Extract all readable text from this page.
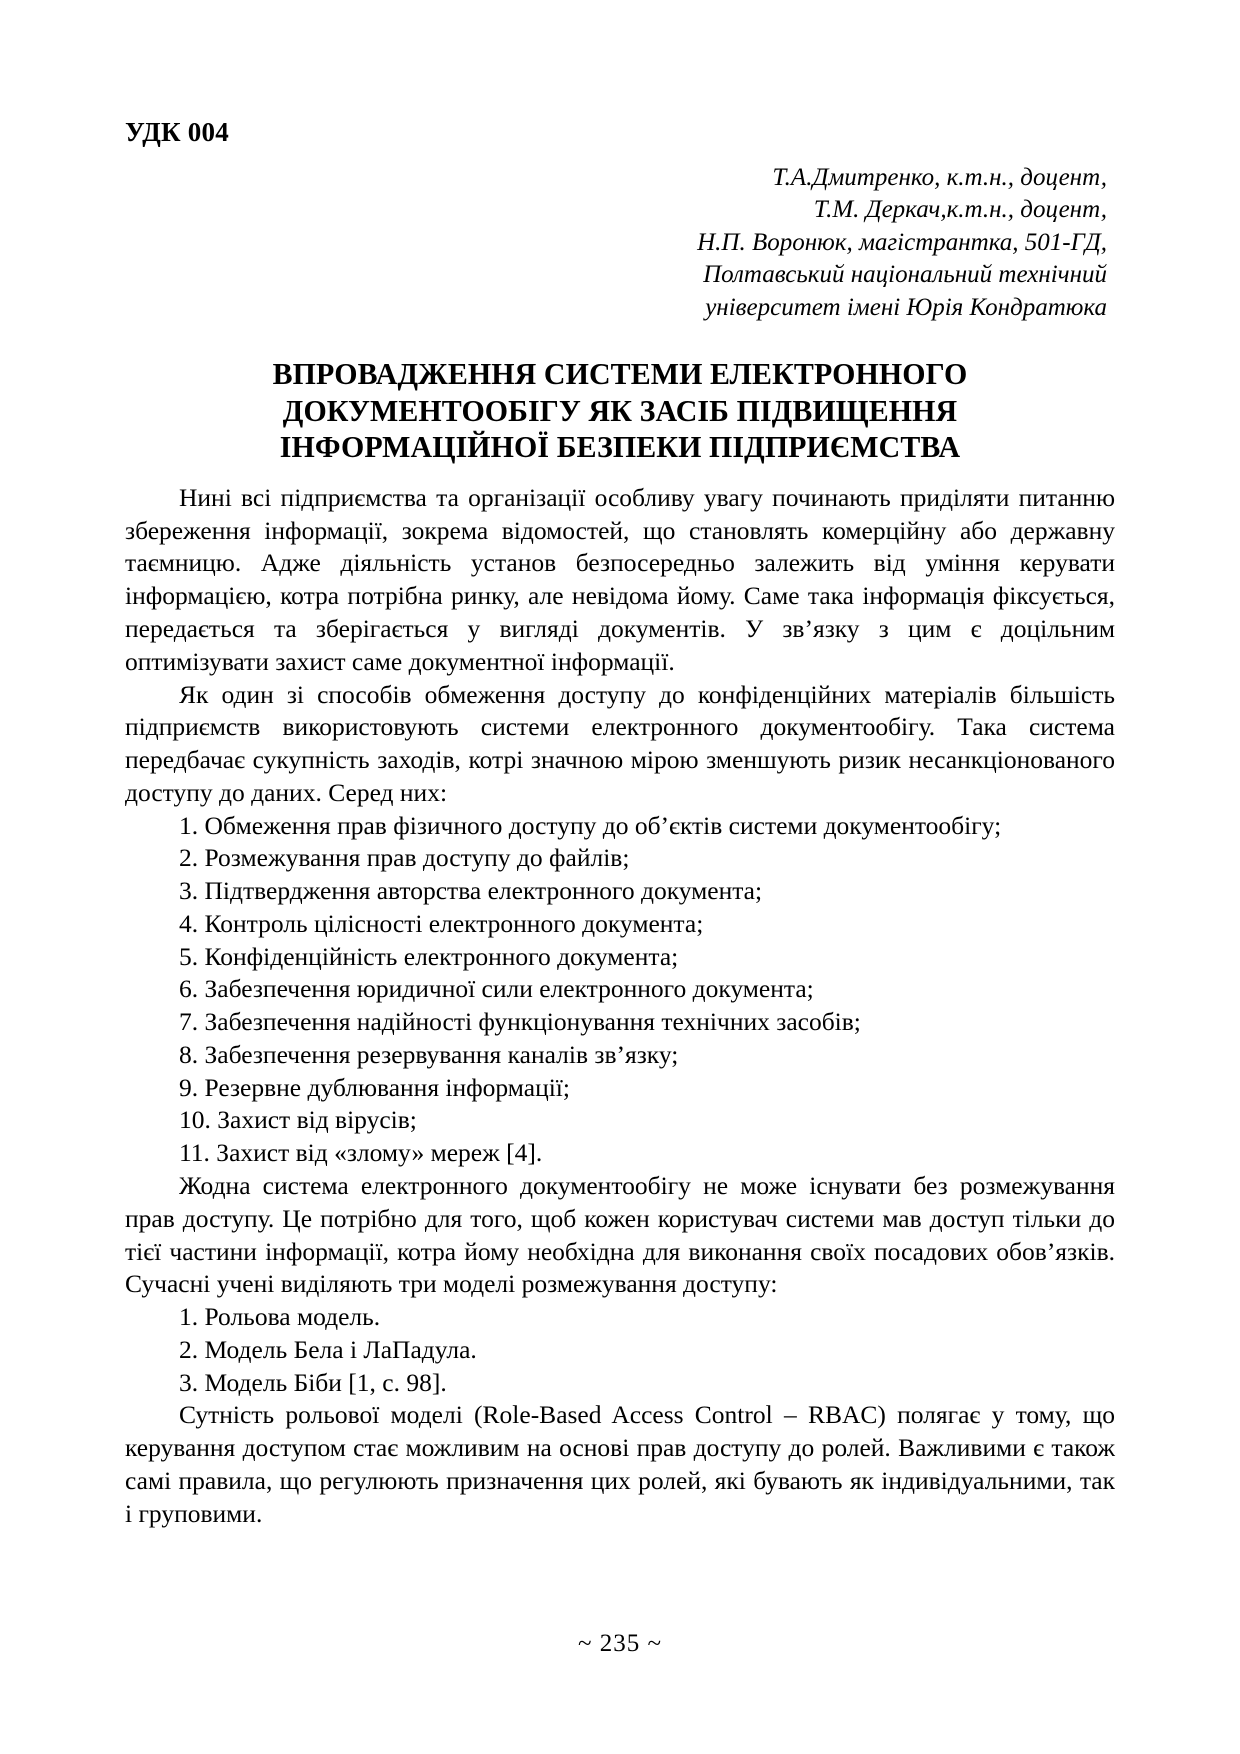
УДК 004
Т.А.Дмитренко, к.т.н., доцент,
Т.М. Деркач,к.т.н., доцент,
Н.П. Воронюк, магістрантка, 501-ГД,
Полтавський національний технічний
університет імені Юрія Кондратюка
ВПРОВАДЖЕННЯ СИСТЕМИ ЕЛЕКТРОННОГО
ДОКУМЕНТООБІГУ ЯК ЗАСІБ ПІДВИЩЕННЯ
ІНФОРМАЦІЙНОЇ БЕЗПЕКИ ПІДПРИЄМСТВА

Нині всі підприємства та організації особливу увагу починають приділяти питанню збереження інформації, зокрема відомостей, що становлять комерційну або державну таємницю. Адже діяльність установ безпосередньо залежить від уміння керувати інформацією, котра потрібна ринку, але невідома йому. Саме така інформація фіксується, передається та зберігається у вигляді документів. У зв’язку з цим є доцільним оптимізувати захист саме документної інформації.

Як один зі способів обмеження доступу до конфіденційних матеріалів більшість підприємств використовують системи електронного документообігу. Така система передбачає сукупність заходів, котрі значною мірою зменшують ризик несанкціонованого доступу до даних. Серед них:

1. Обмеження прав фізичного доступу до об’єктів системи документообігу;
2. Розмежування прав доступу до файлів;
3. Підтвердження авторства електронного документа;
4. Контроль цілісності електронного документа;
5. Конфіденційність електронного документа;
6. Забезпечення юридичної сили електронного документа;
7. Забезпечення надійності функціонування технічних засобів;
8. Забезпечення резервування каналів зв’язку;
9. Резервне дублювання інформації;
10. Захист від вірусів;
11. Захист від «злому» мереж [4].

Жодна система електронного документообігу не може існувати без розмежування прав доступу. Це потрібно для того, щоб кожен користувач системи мав доступ тільки до тієї частини інформації, котра йому необхідна для виконання своїх посадових обов’язків. Сучасні учені виділяють три моделі розмежування доступу:

1. Рольова модель.
2. Модель Бела і ЛаПадула.
3. Модель Біби [1, с. 98].

Сутність рольової моделі (Role-Based Access Control – RBAC) полягає у тому, що керування доступом стає можливим на основі прав доступу до ролей. Важливими є також самі правила, що регулюють призначення цих ролей, які бувають як індивідуальними, так і груповими.

~ 235 ~
